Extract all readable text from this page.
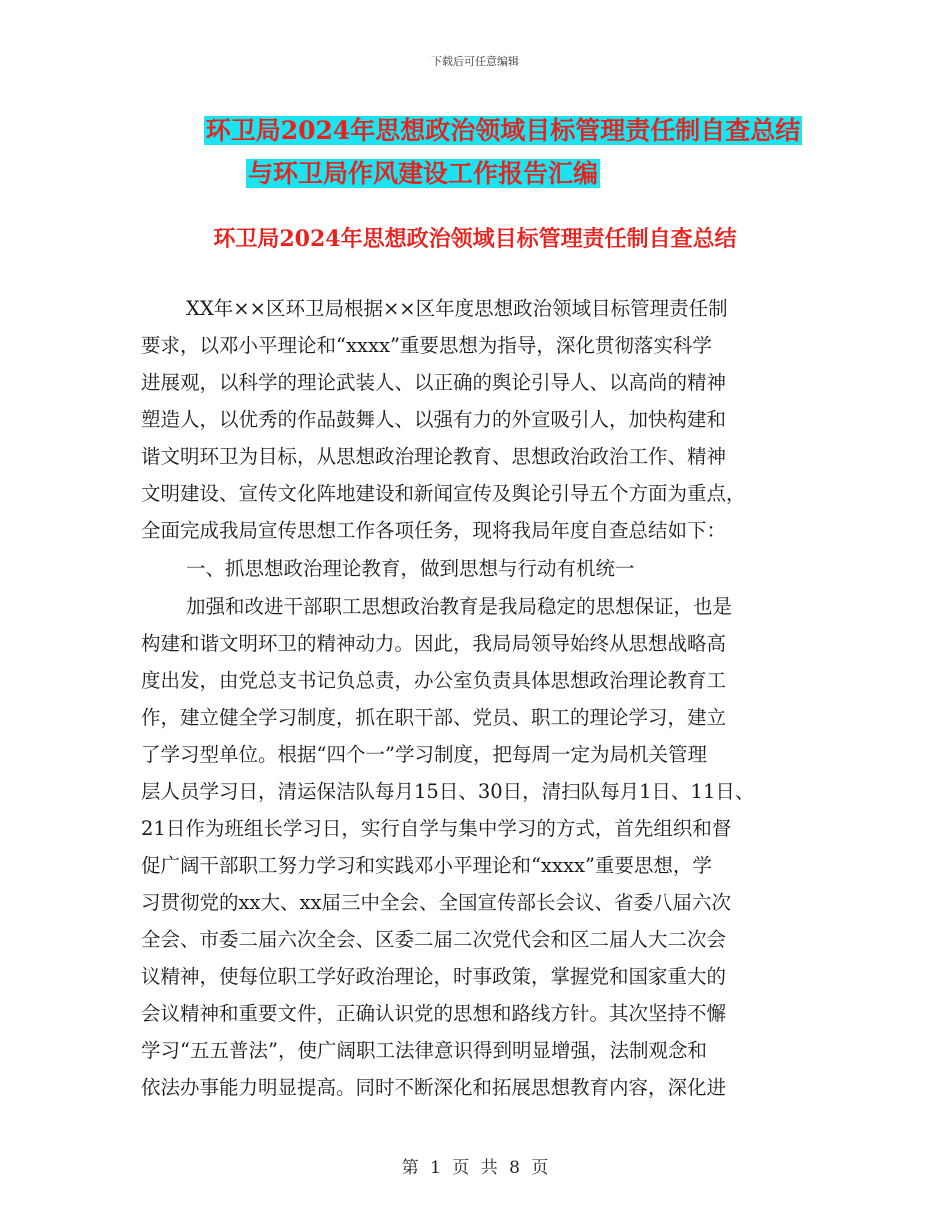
下载后可任意编辑
环卫局2024年思想政治领域目标管理责任制自查总结
与环卫局作风建设工作报告汇编
环卫局2024年思想政治领域目标管理责任制自查总结
XX年××区环卫局根据××区年度思想政治领域目标管理责任制
要求，以邓小平理论和“xxxx”重要思想为指导，深化贯彻落实科学
进展观，以科学的理论武装人、以正确的舆论引导人、以高尚的精神
塑造人，以优秀的作品鼓舞人、以强有力的外宣吸引人，加快构建和
谐文明环卫为目标，从思想政治理论教育、思想政治政治工作、精神
文明建设、宣传文化阵地建设和新闻宣传及舆论引导五个方面为重点，
全面完成我局宣传思想工作各项任务，现将我局年度自查总结如下：
一、抓思想政治理论教育，做到思想与行动有机统一
加强和改进干部职工思想政治教育是我局稳定的思想保证，也是
构建和谐文明环卫的精神动力。因此，我局局领导始终从思想战略高
度出发，由党总支书记负总责，办公室负责具体思想政治理论教育工
作，建立健全学习制度，抓在职干部、党员、职工的理论学习，建立
了学习型单位。根据“四个一”学习制度，把每周一定为局机关管理
层人员学习日，清运保洁队每月15日、30日，清扫队每月1日、11日、
21日作为班组长学习日，实行自学与集中学习的方式，首先组织和督
促广阔干部职工努力学习和实践邓小平理论和“xxxx”重要思想，学
习贯彻党的xx大、xx届三中全会、全国宣传部长会议、省委八届六次
全会、市委二届六次全会、区委二届二次党代会和区二届人大二次会
议精神，使每位职工学好政治理论，时事政策，掌握党和国家重大的
会议精神和重要文件，正确认识党的思想和路线方针。其次坚持不懈
学习“五五普法”，使广阔职工法律意识得到明显增强，法制观念和
依法办事能力明显提高。同时不断深化和拓展思想教育内容，深化进
第 1 页 共 8 页
